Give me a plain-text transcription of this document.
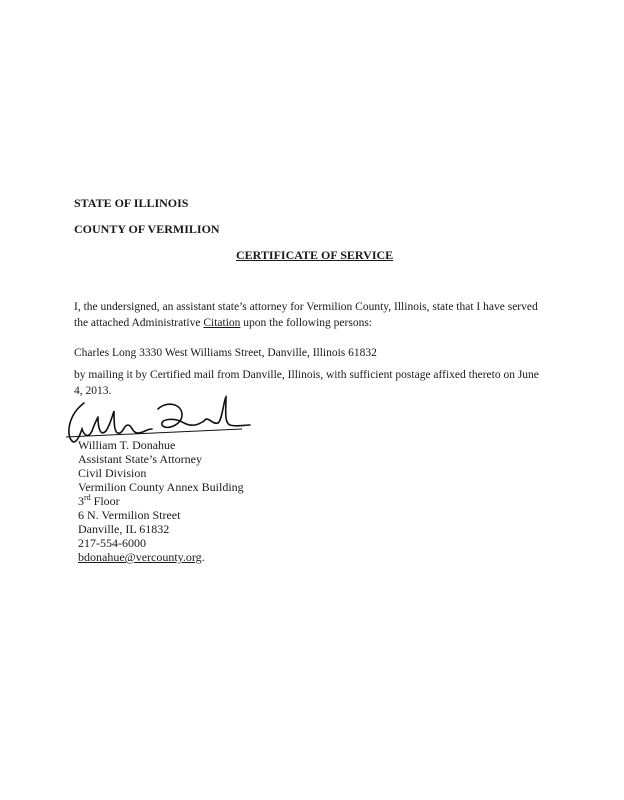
STATE OF ILLINOIS
COUNTY OF VERMILION
CERTIFICATE OF SERVICE
I, the undersigned, an assistant state’s attorney for Vermilion County, Illinois, state that I have served
the attached Administrative Citation upon the following persons:
Charles Long 3330 West Williams Street, Danville, Illinois 61832
by mailing it by Certified mail from Danville, Illinois, with sufficient postage affixed thereto on June
4, 2013.
William T. Donahue
Assistant State’s Attorney
Civil Division
Vermilion County Annex Building
3rd Floor
6 N. Vermilion Street
Danville, IL 61832
217-554-6000
bdonahue@vercounty.org.
